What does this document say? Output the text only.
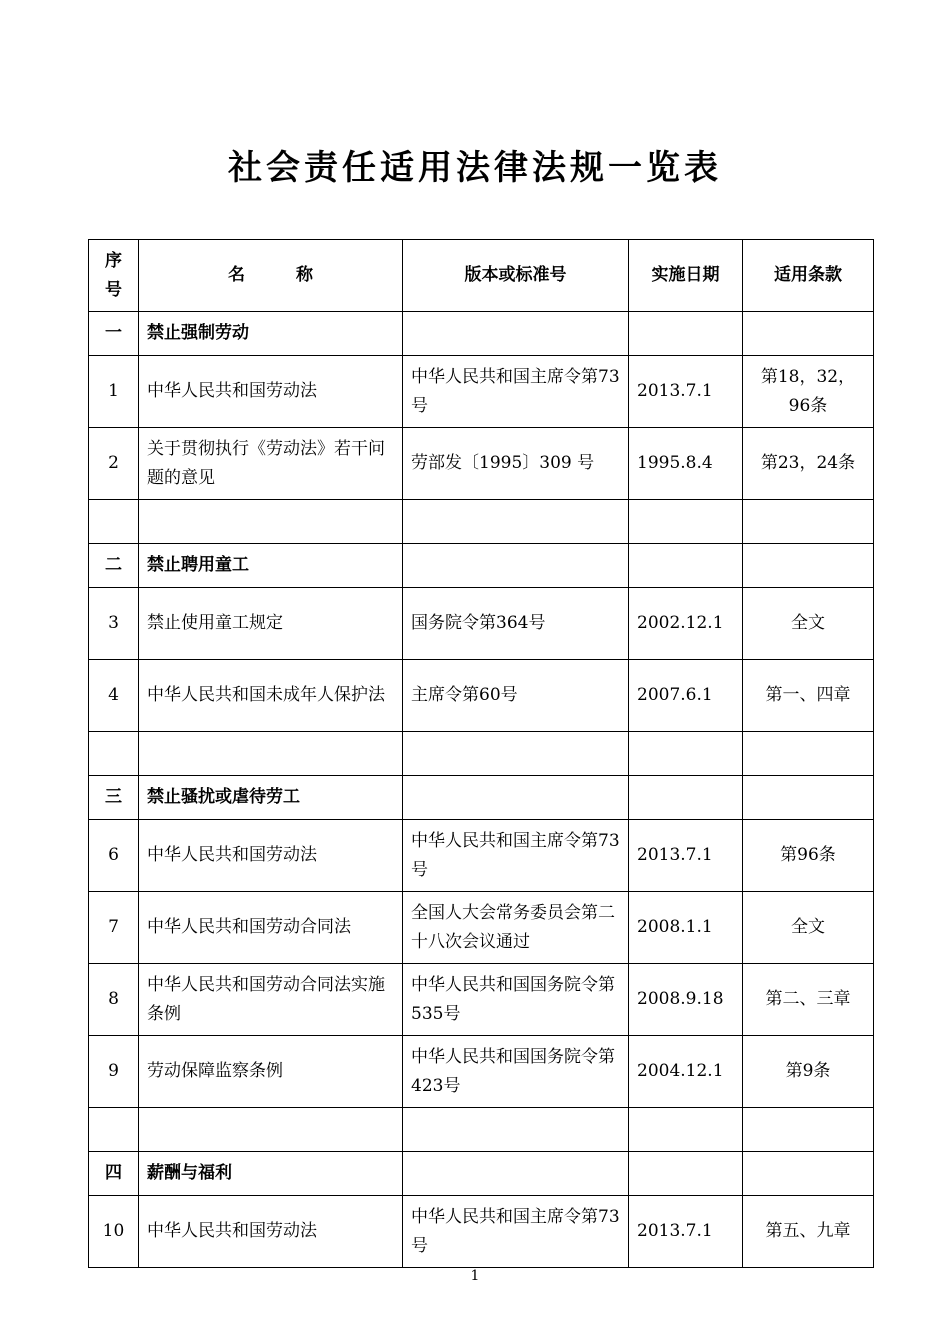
社会责任适用法律法规一览表
序号	名　　　称	版本或标准号	实施日期	适用条款
一	禁止强制劳动			
1	中华人民共和国劳动法	中华人民共和国主席令第73号	2013.7.1	第18，32，96条
2	关于贯彻执行《劳动法》若干问题的意见	劳部发〔1995〕309 号	1995.8.4	第23，24条

二	禁止聘用童工			
3	禁止使用童工规定	国务院令第364号	2002.12.1	全文
4	中华人民共和国未成年人保护法	主席令第60号	2007.6.1	第一、四章

三	禁止骚扰或虐待劳工			
6	中华人民共和国劳动法	中华人民共和国主席令第73号	2013.7.1	第96条
7	中华人民共和国劳动合同法	全国人大会常务委员会第二十八次会议通过	2008.1.1	全文
8	中华人民共和国劳动合同法实施条例	中华人民共和国国务院令第535号	2008.9.18	第二、三章
9	劳动保障监察条例	中华人民共和国国务院令第423号	2004.12.1	第9条

四	薪酬与福利			
10	中华人民共和国劳动法	中华人民共和国主席令第73号	2013.7.1	第五、九章
1
